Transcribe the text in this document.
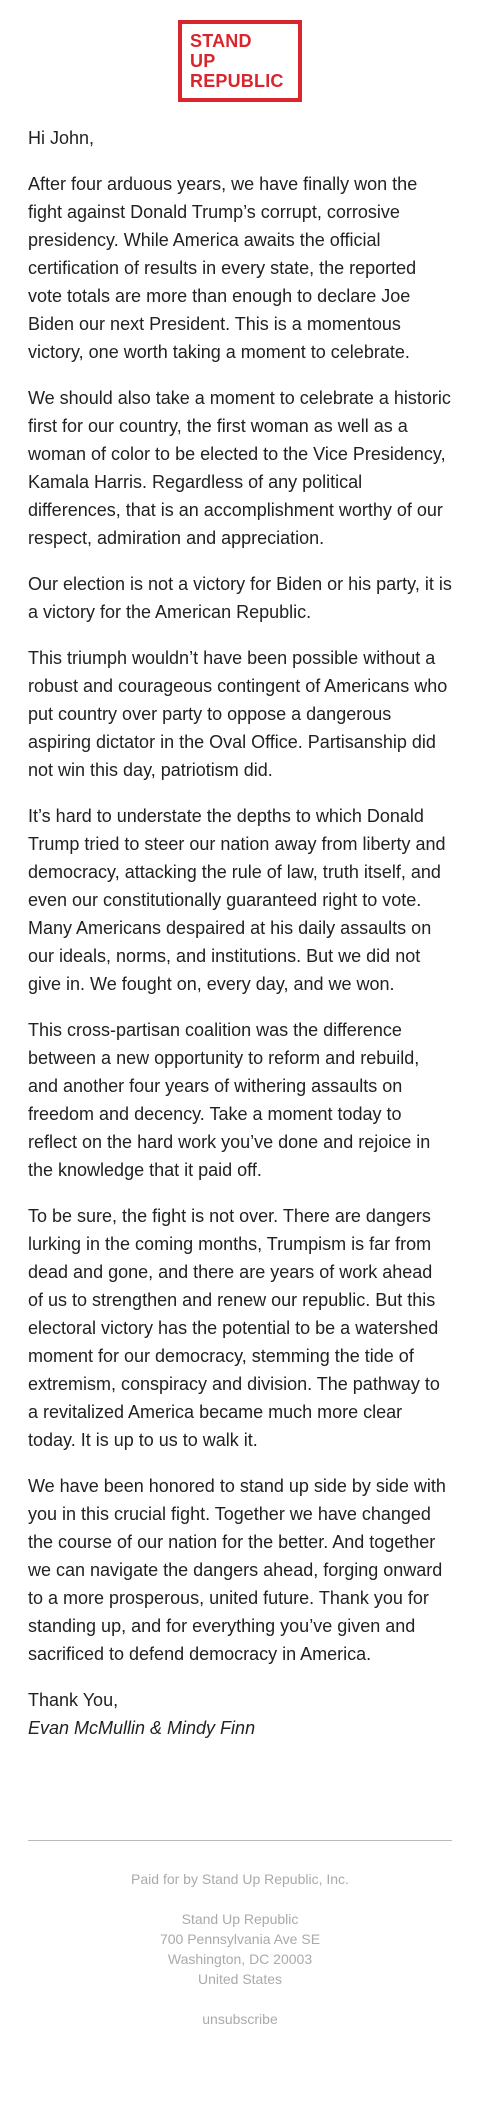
STAND
UP
REPUBLIC

Hi John,

After four arduous years, we have finally won the fight against Donald Trump’s corrupt, corrosive presidency. While America awaits the official certification of results in every state, the reported vote totals are more than enough to declare Joe Biden our next President. This is a momentous victory, one worth taking a moment to celebrate.

We should also take a moment to celebrate a historic first for our country, the first woman as well as a woman of color to be elected to the Vice Presidency, Kamala Harris. Regardless of any political differences, that is an accomplishment worthy of our respect, admiration and appreciation.

Our election is not a victory for Biden or his party, it is a victory for the American Republic.

This triumph wouldn’t have been possible without a robust and courageous contingent of Americans who put country over party to oppose a dangerous aspiring dictator in the Oval Office. Partisanship did not win this day, patriotism did.

It’s hard to understate the depths to which Donald Trump tried to steer our nation away from liberty and democracy, attacking the rule of law, truth itself, and even our constitutionally guaranteed right to vote. Many Americans despaired at his daily assaults on our ideals, norms, and institutions. But we did not give in. We fought on, every day, and we won.

This cross-partisan coalition was the difference between a new opportunity to reform and rebuild, and another four years of withering assaults on freedom and decency. Take a moment today to reflect on the hard work you’ve done and rejoice in the knowledge that it paid off.

To be sure, the fight is not over. There are dangers lurking in the coming months, Trumpism is far from dead and gone, and there are years of work ahead of us to strengthen and renew our republic. But this electoral victory has the potential to be a watershed moment for our democracy, stemming the tide of extremism, conspiracy and division. The pathway to a revitalized America became much more clear today. It is up to us to walk it.

We have been honored to stand up side by side with you in this crucial fight. Together we have changed the course of our nation for the better. And together we can navigate the dangers ahead, forging onward to a more prosperous, united future. Thank you for standing up, and for everything you’ve given and sacrificed to defend democracy in America.

Thank You,
Evan McMullin & Mindy Finn

Paid for by Stand Up Republic, Inc.
Stand Up Republic
700 Pennsylvania Ave SE
Washington, DC 20003
United States
unsubscribe
